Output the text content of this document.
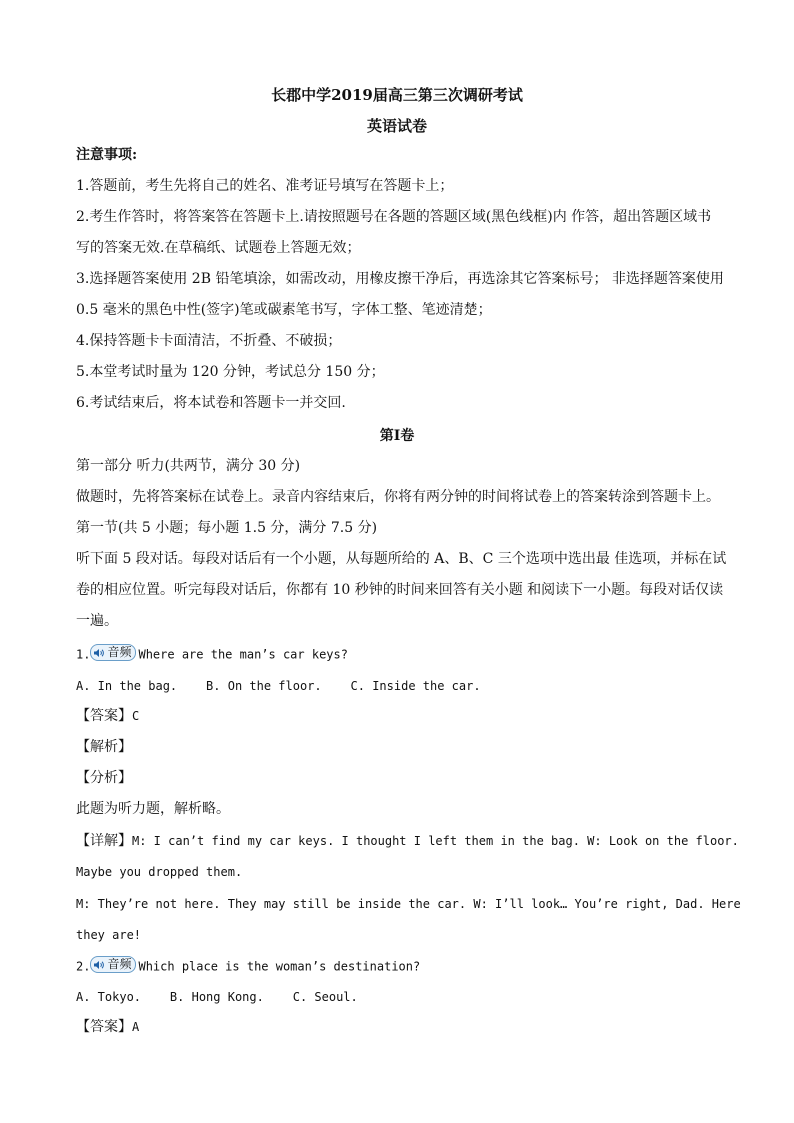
长郡中学2019届高三第三次调研考试
英语试卷
注意事项:
1.答题前，考生先将自己的姓名、准考证号填写在答题卡上；
2.考生作答时，将答案答在答题卡上.请按照题号在各题的答题区域(黑色线框)内 作答，超出答题区域书
写的答案无效.在草稿纸、试题卷上答题无效；
3.选择题答案使用 2B 铅笔填涂，如需改动，用橡皮擦干净后，再选涂其它答案标号； 非选择题答案使用
0.5 毫米的黑色中性(签字)笔或碳素笔书写，字体工整、笔迹清楚；
4.保持答题卡卡面清洁，不折叠、不破损；
5.本堂考试时量为 120 分钟，考试总分 150 分；
6.考试结束后，将本试卷和答题卡一并交回.
第Ⅰ卷
第一部分 听力(共两节，满分 30 分)
做题时，先将答案标在试卷上。录音内容结束后，你将有两分钟的时间将试卷上的答案转涂到答题卡上。
第一节(共 5 小题；每小题 1.5 分，满分 7.5 分)
听下面 5 段对话。每段对话后有一个小题，从每题所给的 A、B、C 三个选项中选出最 佳选项，并标在试
卷的相应位置。听完每段对话后，你都有 10 秒钟的时间来回答有关小题 和阅读下一小题。每段对话仅读
一遍。
1. 音频 Where are the man’s car keys?
A. In the bag.    B. On the floor.    C. Inside the car.
【答案】C
【解析】
【分析】
此题为听力题，解析略。
【详解】M: I can’t find my car keys. I thought I left them in the bag. W: Look on the floor.
Maybe you dropped them.
M: They’re not here. They may still be inside the car. W: I’ll look… You’re right, Dad. Here
they are!
2. 音频 Which place is the woman’s destination?
A. Tokyo.    B. Hong Kong.    C. Seoul.
【答案】A
